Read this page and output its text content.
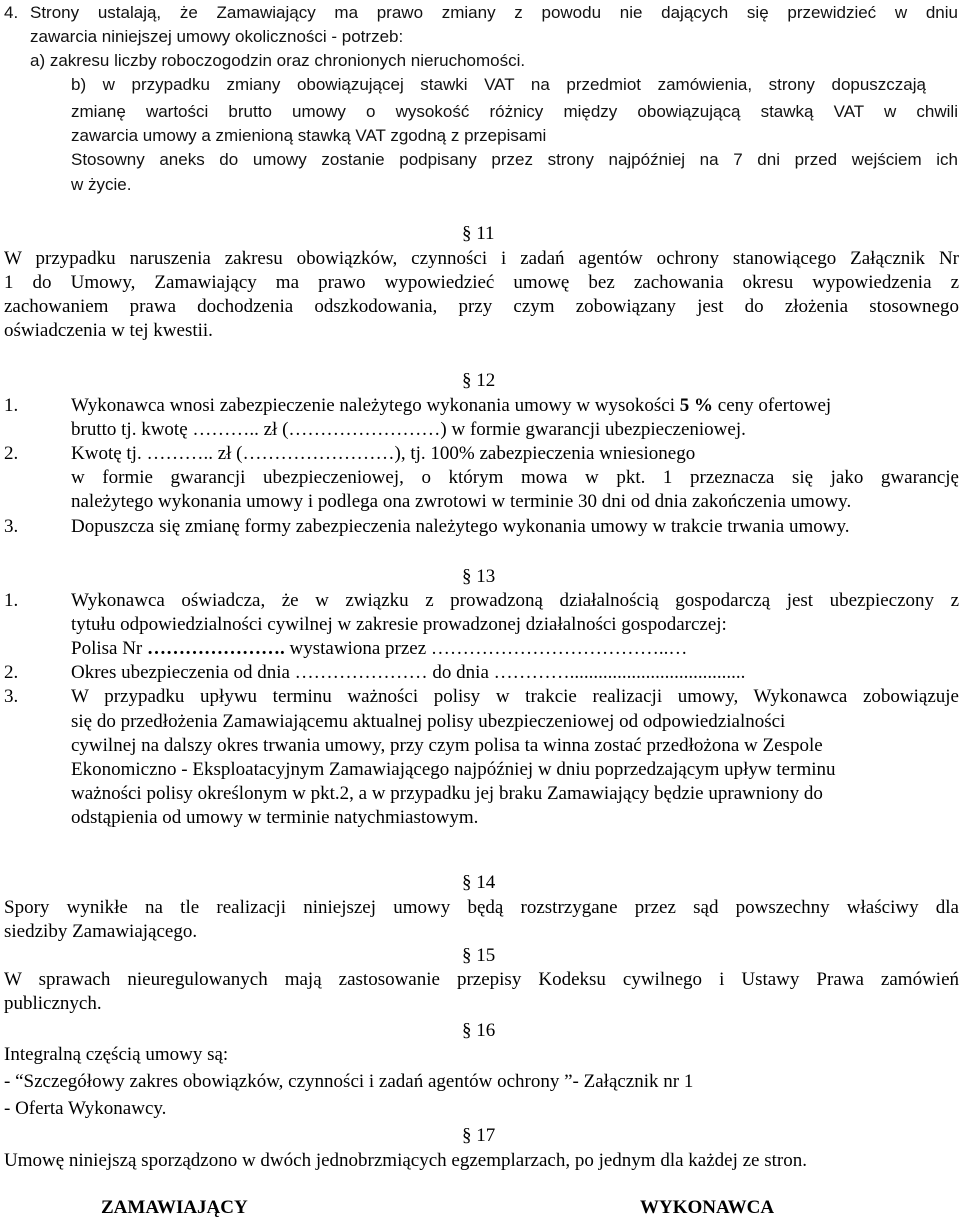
4. Strony ustalają, że Zamawiający ma prawo zmiany z powodu nie dających się przewidzieć w dniu
zawarcia niniejszej umowy okoliczności - potrzeb:
a) zakresu liczby roboczogodzin oraz chronionych nieruchomości.
b) w przypadku zmiany obowiązującej stawki VAT na przedmiot zamówienia, strony dopuszczają
zmianę wartości brutto umowy o wysokość różnicy między obowiązującą stawką VAT w chwili
zawarcia umowy a zmienioną stawką VAT zgodną z przepisami
Stosowny aneks do umowy zostanie podpisany przez strony najpóźniej na 7 dni przed wejściem ich
w życie.
§ 11
W przypadku naruszenia zakresu obowiązków, czynności i zadań agentów ochrony stanowiącego Załącznik Nr
1 do Umowy, Zamawiający ma prawo wypowiedzieć umowę bez zachowania okresu wypowiedzenia z
zachowaniem prawa dochodzenia odszkodowania, przy czym zobowiązany jest do złożenia stosownego
oświadczenia w tej kwestii.
§ 12
1.	Wykonawca wnosi zabezpieczenie należytego wykonania umowy w wysokości 5 % ceny ofertowej
brutto tj. kwotę ……….. zł (……………………) w formie gwarancji ubezpieczeniowej.
2.	Kwotę tj. ……….. zł (……………………), tj. 100% zabezpieczenia wniesionego
w formie gwarancji ubezpieczeniowej, o którym mowa w pkt. 1 przeznacza się jako gwarancję
należytego wykonania umowy i podlega ona zwrotowi w terminie 30 dni od dnia zakończenia umowy.
3.	Dopuszcza się zmianę formy zabezpieczenia należytego wykonania umowy w trakcie trwania umowy.
§ 13
1.	Wykonawca oświadcza, że w związku z prowadzoną działalnością gospodarczą jest ubezpieczony z
tytułu odpowiedzialności cywilnej w zakresie prowadzonej działalności gospodarczej:
Polisa Nr …………………. wystawiona przez ………………………………..…
2.	Okres ubezpieczenia od dnia ………………… do dnia ………….....................................
3.	W przypadku upływu terminu ważności polisy w trakcie realizacji umowy, Wykonawca zobowiązuje
się do przedłożenia Zamawiającemu aktualnej polisy ubezpieczeniowej od odpowiedzialności
cywilnej na dalszy okres trwania umowy, przy czym polisa ta winna zostać przedłożona w Zespole
Ekonomiczno - Eksploatacyjnym Zamawiającego najpóźniej w dniu poprzedzającym upływ terminu
ważności polisy określonym w pkt.2, a w przypadku jej braku Zamawiający będzie uprawniony do
odstąpienia od umowy w terminie natychmiastowym.
§ 14
Spory wynikłe na tle realizacji niniejszej umowy będą rozstrzygane przez sąd powszechny właściwy dla
siedziby Zamawiającego.
§ 15
W sprawach nieuregulowanych mają zastosowanie przepisy Kodeksu cywilnego i Ustawy Prawa zamówień
publicznych.
§ 16
Integralną częścią umowy są:
- “Szczegółowy zakres obowiązków, czynności i zadań agentów ochrony ”- Załącznik nr 1
- Oferta Wykonawcy.
§ 17
Umowę niniejszą sporządzono w dwóch jednobrzmiących egzemplarzach, po jednym dla każdej ze stron.
ZAMAWIAJĄCY	WYKONAWCA
